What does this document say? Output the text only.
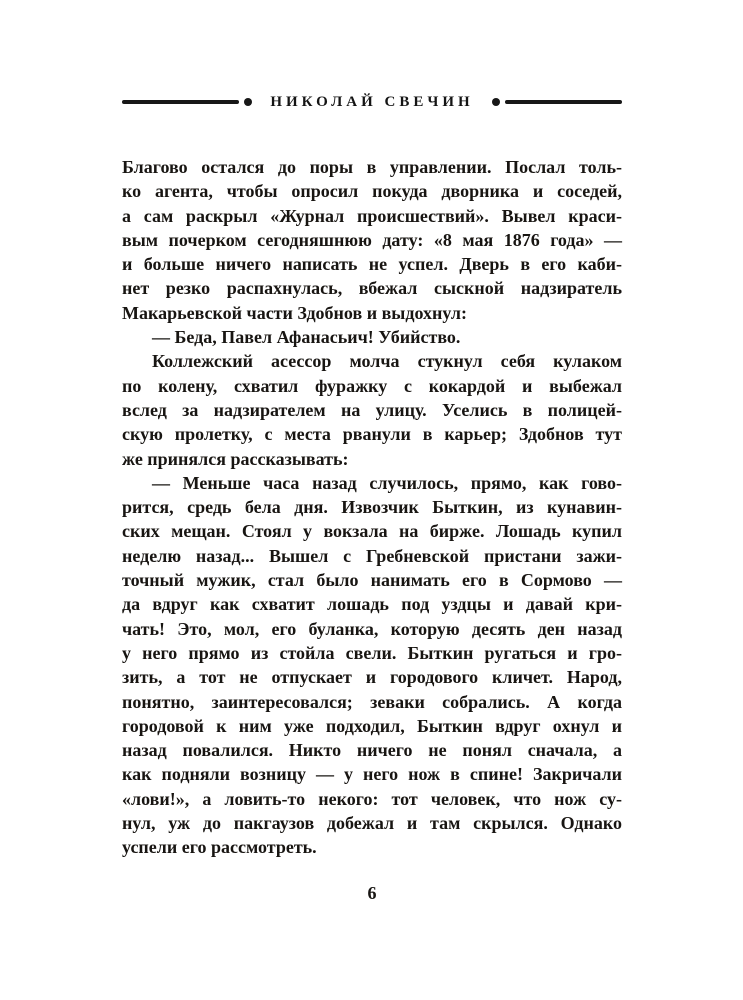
НИКОЛАЙ СВЕЧИН

Благово остался до поры в управлении. Послал толь-
ко агента, чтобы опросил покуда дворника и соседей,
а сам раскрыл «Журнал происшествий». Вывел краси-
вым почерком сегодняшнюю дату: «8 мая 1876 года» —
и больше ничего написать не успел. Дверь в его каби-
нет резко распахнулась, вбежал сыскной надзиратель
Макарьевской части Здобнов и выдохнул:

— Беда, Павел Афанасьич! Убийство.

Коллежский асессор молча стукнул себя кулаком
по колену, схватил фуражку с кокардой и выбежал
вслед за надзирателем на улицу. Уселись в полицей-
скую пролетку, с места рванули в карьер; Здобнов тут
же принялся рассказывать:

— Меньше часа назад случилось, прямо, как гово-
рится, средь бела дня. Извозчик Быткин, из кунавин-
ских мещан. Стоял у вокзала на бирже. Лошадь купил
неделю назад... Вышел с Гребневской пристани зажи-
точный мужик, стал было нанимать его в Сормово —
да вдруг как схватит лошадь под уздцы и давай кри-
чать! Это, мол, его буланка, которую десять ден назад
у него прямо из стойла свели. Быткин ругаться и гро-
зить, а тот не отпускает и городового кличет. Народ,
понятно, заинтересовался; зеваки собрались. А когда
городовой к ним уже подходил, Быткин вдруг охнул и
назад повалился. Никто ничего не понял сначала, а
как подняли возницу — у него нож в спине! Закричали
«лови!», а ловить-то некого: тот человек, что нож су-
нул, уж до пакгаузов добежал и там скрылся. Однако
успели его рассмотреть.

6
